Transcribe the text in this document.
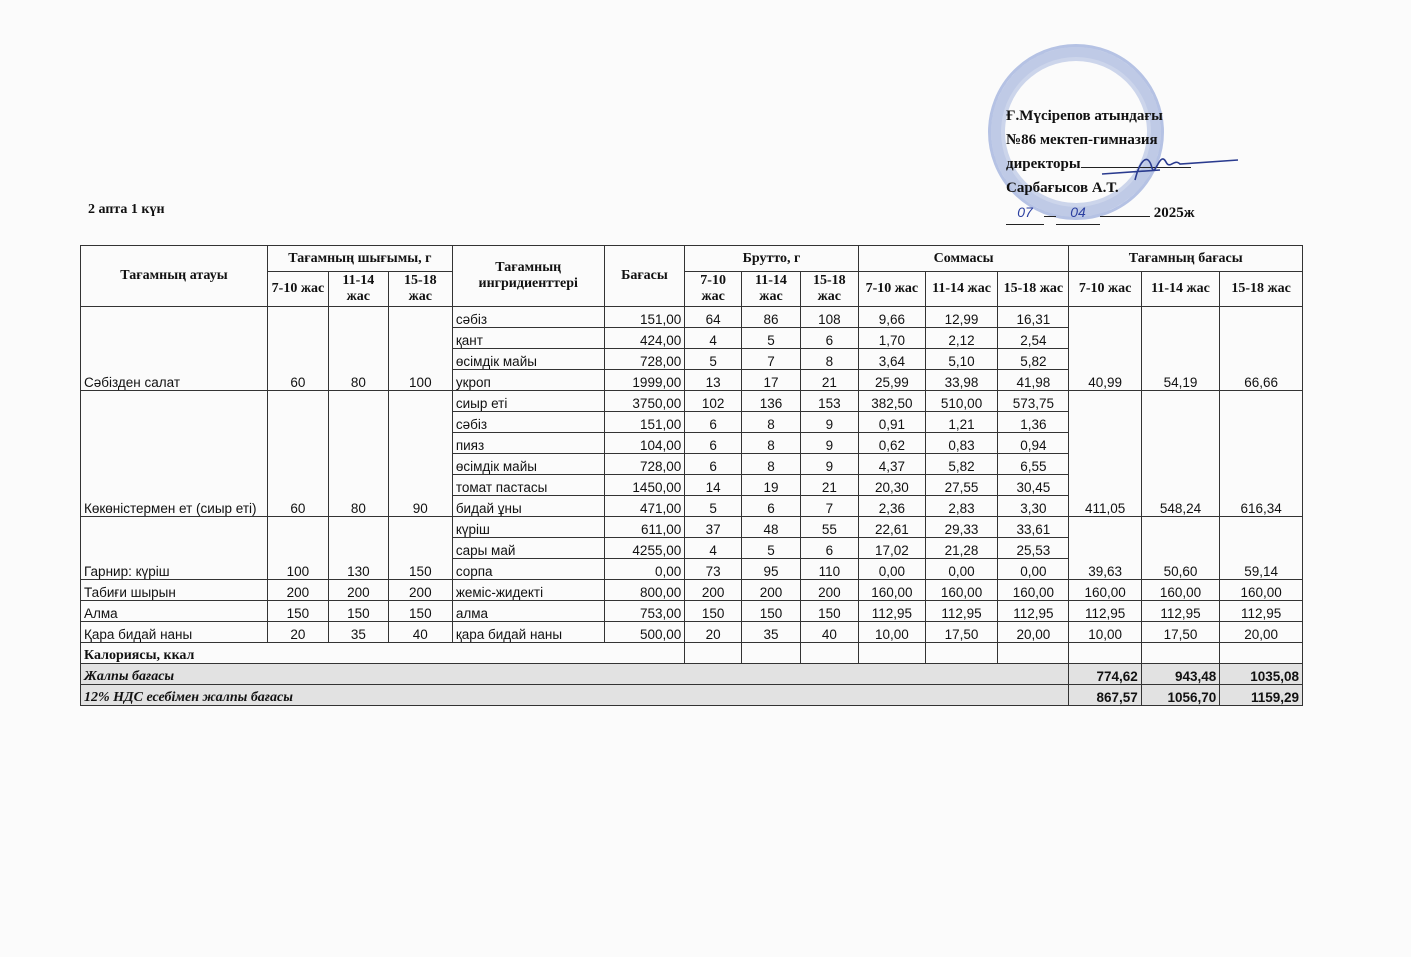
Ғ.Мүсірепов атындағы
№86 мектеп-гимназия
директоры
Сарбағысов А.Т.
07	04	2025ж
2 апта 1 күн
Тағамның атауы	Тағамның шығымы, г			Тағамның ингридиенттері	Бағасы	Брутто, г			Соммасы			Тағамның бағасы		
	7-10 жас	11-14 жас	15-18 жас			7-10 жас	11-14 жас	15-18 жас	7-10 жас	11-14 жас	15-18 жас	7-10 жас	11-14 жас	15-18 жас
Сәбізден салат	60	80	100	сәбіз	151,00	64	86	108	9,66	12,99	16,31	40,99	54,19	66,66
				қант	424,00	4	5	6	1,70	2,12	2,54			
				өсімдік майы	728,00	5	7	8	3,64	5,10	5,82			
				укроп	1999,00	13	17	21	25,99	33,98	41,98			
Көкөністермен ет (сиыр еті)	60	80	90	сиыр еті	3750,00	102	136	153	382,50	510,00	573,75	411,05	548,24	616,34
				сәбіз	151,00	6	8	9	0,91	1,21	1,36			
				пияз	104,00	6	8	9	0,62	0,83	0,94			
				өсімдік майы	728,00	6	8	9	4,37	5,82	6,55			
				томат пастасы	1450,00	14	19	21	20,30	27,55	30,45			
				бидай ұны	471,00	5	6	7	2,36	2,83	3,30			
Гарнир: күріш	100	130	150	күріш	611,00	37	48	55	22,61	29,33	33,61	39,63	50,60	59,14
				сары май	4255,00	4	5	6	17,02	21,28	25,53			
				сорпа	0,00	73	95	110	0,00	0,00	0,00			
Табиғи шырын	200	200	200	жеміс-жидекті	800,00	200	200	200	160,00	160,00	160,00	160,00	160,00	160,00
Алма	150	150	150	алма	753,00	150	150	150	112,95	112,95	112,95	112,95	112,95	112,95
Қара бидай наны	20	35	40	қара бидай наны	500,00	20	35	40	10,00	17,50	20,00	10,00	17,50	20,00
Калориясы, ккал														
Жалпы бағасы												774,62	943,48	1035,08
12% НДС есебімен жалпы бағасы												867,57	1056,70	1159,29
